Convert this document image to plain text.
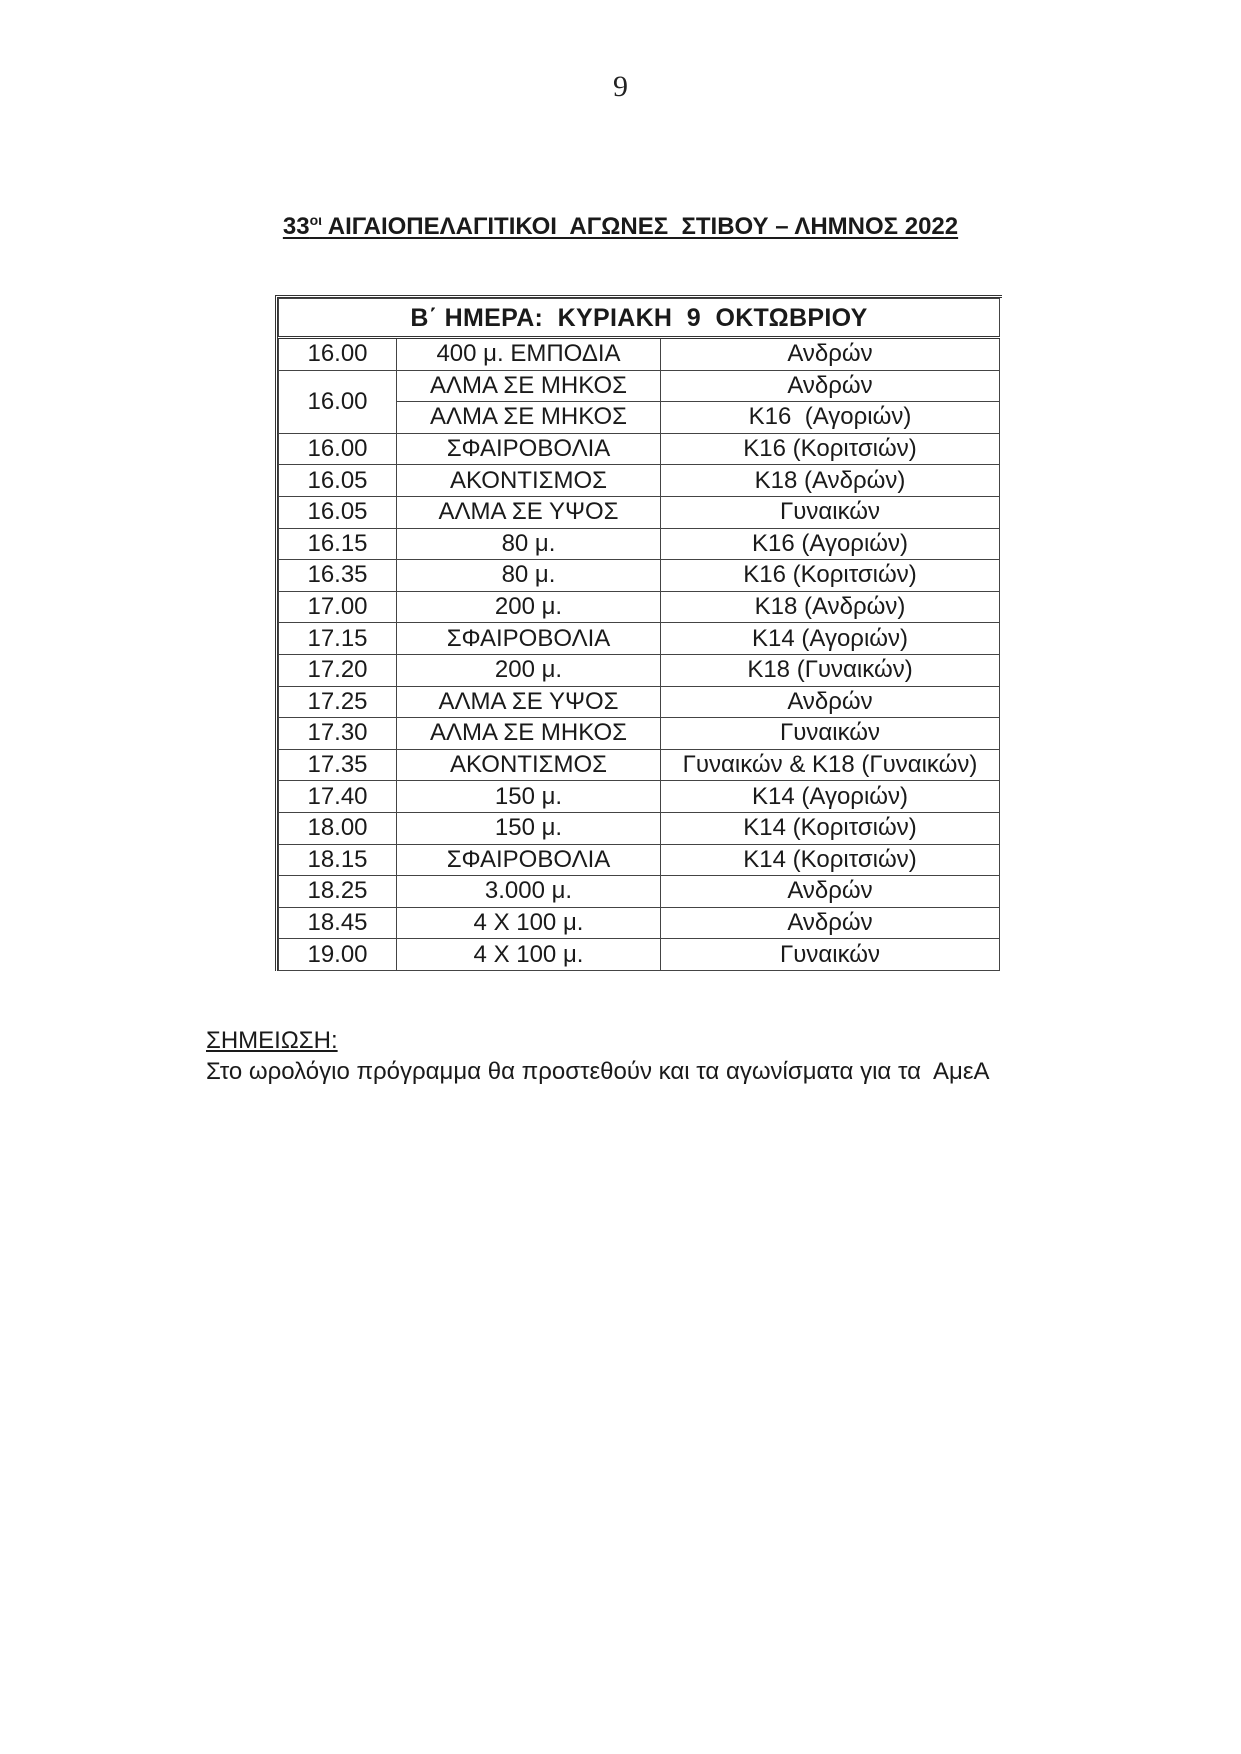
9
$33^{o\iota}$ ΑΙΓΑΙΟΠΕΛΑΓΙΤΙΚΟΙ  ΑΓΩΝΕΣ  ΣΤΙΒΟΥ – ΛΗΜΝΟΣ 2022
Β΄ ΗΜΕΡΑ:  ΚΥΡΙΑΚΗ  9  ΟΚΤΩΒΡΙΟΥ		
16.00	400 μ. ΕΜΠΟΔΙΑ	Ανδρών
16.00	ΑΛΜΑ ΣΕ ΜΗΚΟΣ	Ανδρών
	ΑΛΜΑ ΣΕ ΜΗΚΟΣ	Κ16  (Αγοριών)
16.00	ΣΦΑΙΡΟΒΟΛΙΑ	Κ16 (Κοριτσιών)
16.05	ΑΚΟΝΤΙΣΜΟΣ	Κ18 (Ανδρών)
16.05	ΑΛΜΑ ΣΕ ΥΨΟΣ	Γυναικών
16.15	80 μ.	Κ16 (Αγοριών)
16.35	80 μ.	Κ16 (Κοριτσιών)
17.00	200 μ.	Κ18 (Ανδρών)
17.15	ΣΦΑΙΡΟΒΟΛΙΑ	Κ14 (Αγοριών)
17.20	200 μ.	Κ18 (Γυναικών)
17.25	ΑΛΜΑ ΣΕ ΥΨΟΣ	Ανδρών
17.30	ΑΛΜΑ ΣΕ ΜΗΚΟΣ	Γυναικών
17.35	ΑΚΟΝΤΙΣΜΟΣ	Γυναικών & Κ18 (Γυναικών)
17.40	150 μ.	Κ14 (Αγοριών)
18.00	150 μ.	Κ14 (Κοριτσιών)
18.15	ΣΦΑΙΡΟΒΟΛΙΑ	Κ14 (Κοριτσιών)
18.25	3.000 μ.	Ανδρών
18.45	4 Χ 100 μ.	Ανδρών
19.00	4 Χ 100 μ.	Γυναικών
ΣΗΜΕΙΩΣΗ:
Στο ωρολόγιο πρόγραμμα θα προστεθούν και τα αγωνίσματα για τα  ΑμεΑ
